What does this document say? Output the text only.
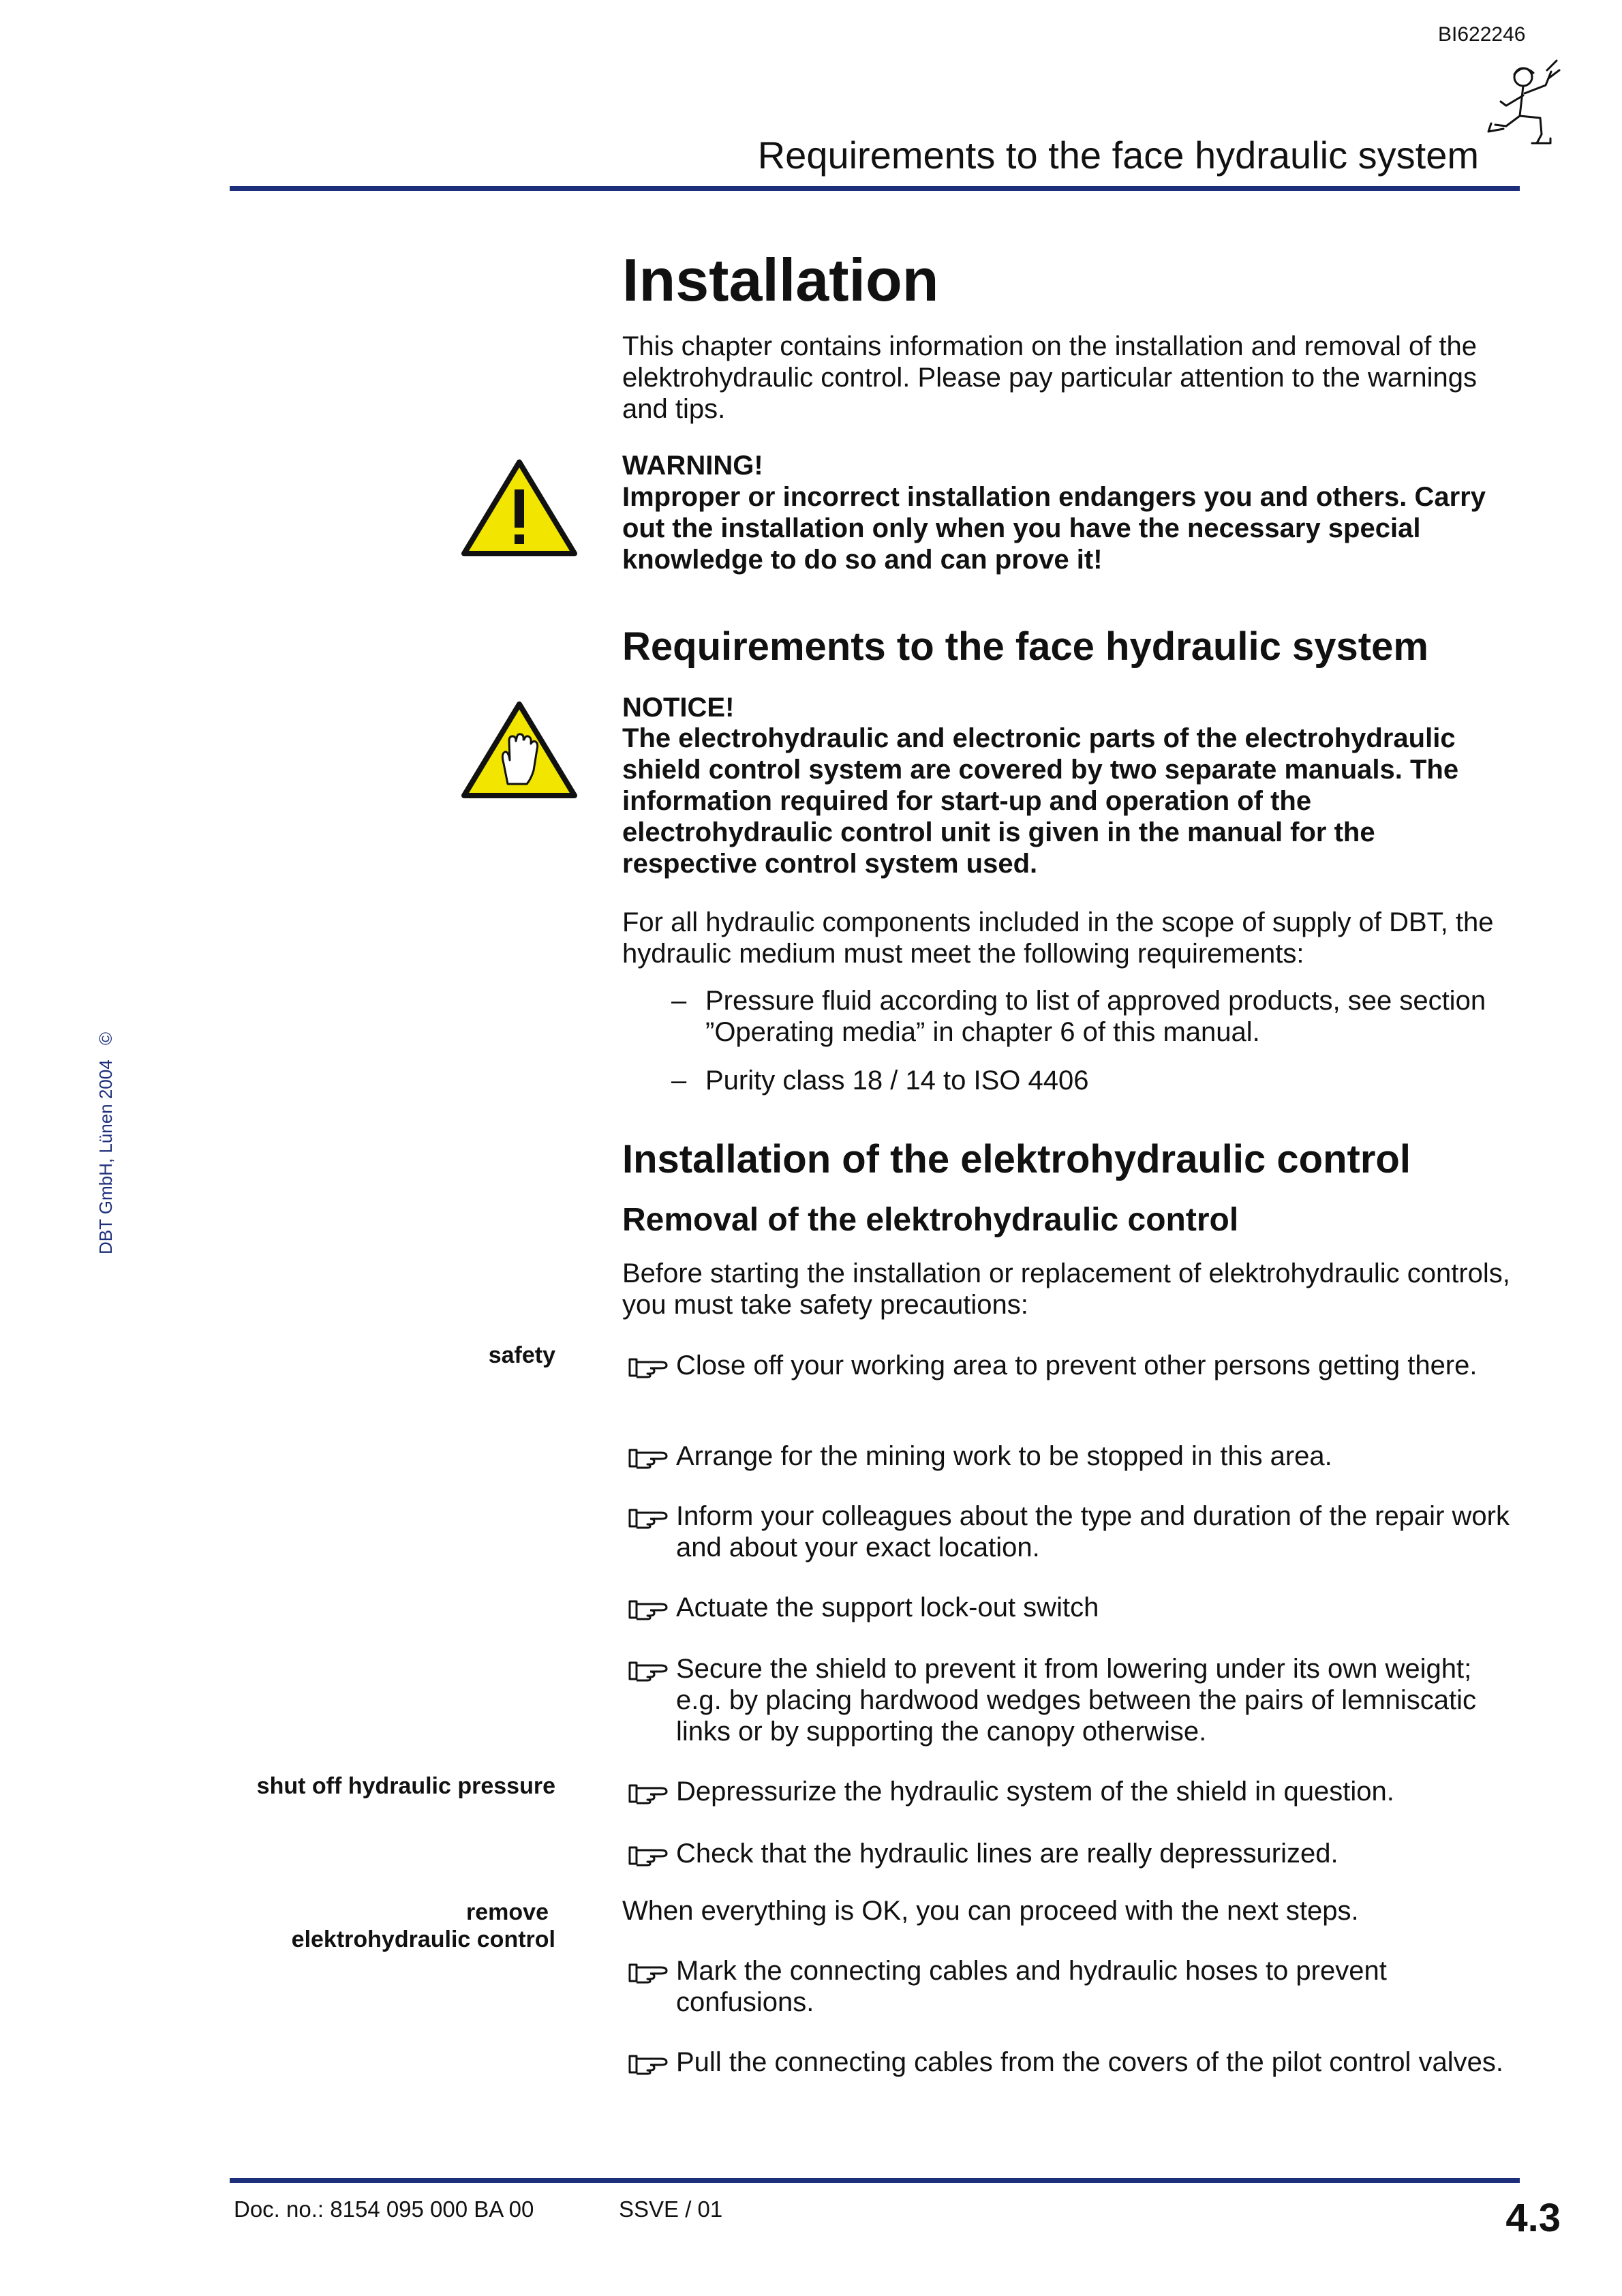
BI622246
Requirements to the face hydraulic system
DBT GmbH, Lünen 2004 ©
Installation

This chapter contains information on the installation and removal of the elektrohydraulic control. Please pay particular attention to the warnings and tips.

WARNING!

Improper or incorrect installation endangers you and others. Carry out the installation only when you have the necessary special knowledge to do so and can prove it!

Requirements to the face hydraulic system

NOTICE!

The electrohydraulic and electronic parts of the electrohydraulic shield control system are covered by two separate manuals. The information required for start-up and operation of the electrohydraulic control unit is given in the manual for the respective control system used.

For all hydraulic components included in the scope of supply of DBT, the hydraulic medium must meet the following requirements:

– Pressure fluid according to list of approved products, see section ”Operating media” in chapter 6 of this manual.
– Purity class 18 / 14 to ISO 4406
Installation of the elektrohydraulic control
Removal of the elektrohydraulic control

Before starting the installation or replacement of elektrohydraulic controls, you must take safety precautions:

safety
shut off hydraulic pressure
remove
elektrohydraulic control
Close off your working area to prevent other persons getting there.
Arrange for the mining work to be stopped in this area.
Inform your colleagues about the type and duration of the repair work and about your exact location.
Actuate the support lock-out switch
Secure the shield to prevent it from lowering under its own weight; e.g. by placing hardwood wedges between the pairs of lemniscatic links or by supporting the canopy otherwise.
Depressurize the hydraulic system of the shield in question.
Check that the hydraulic lines are really depressurized.

When everything is OK, you can proceed with the next steps.

Mark the connecting cables and hydraulic hoses to prevent confusions.
Pull the connecting cables from the covers of the pilot control valves.
Doc. no.: 8154 095 000 BA 00	SSVE / 01	4.3
